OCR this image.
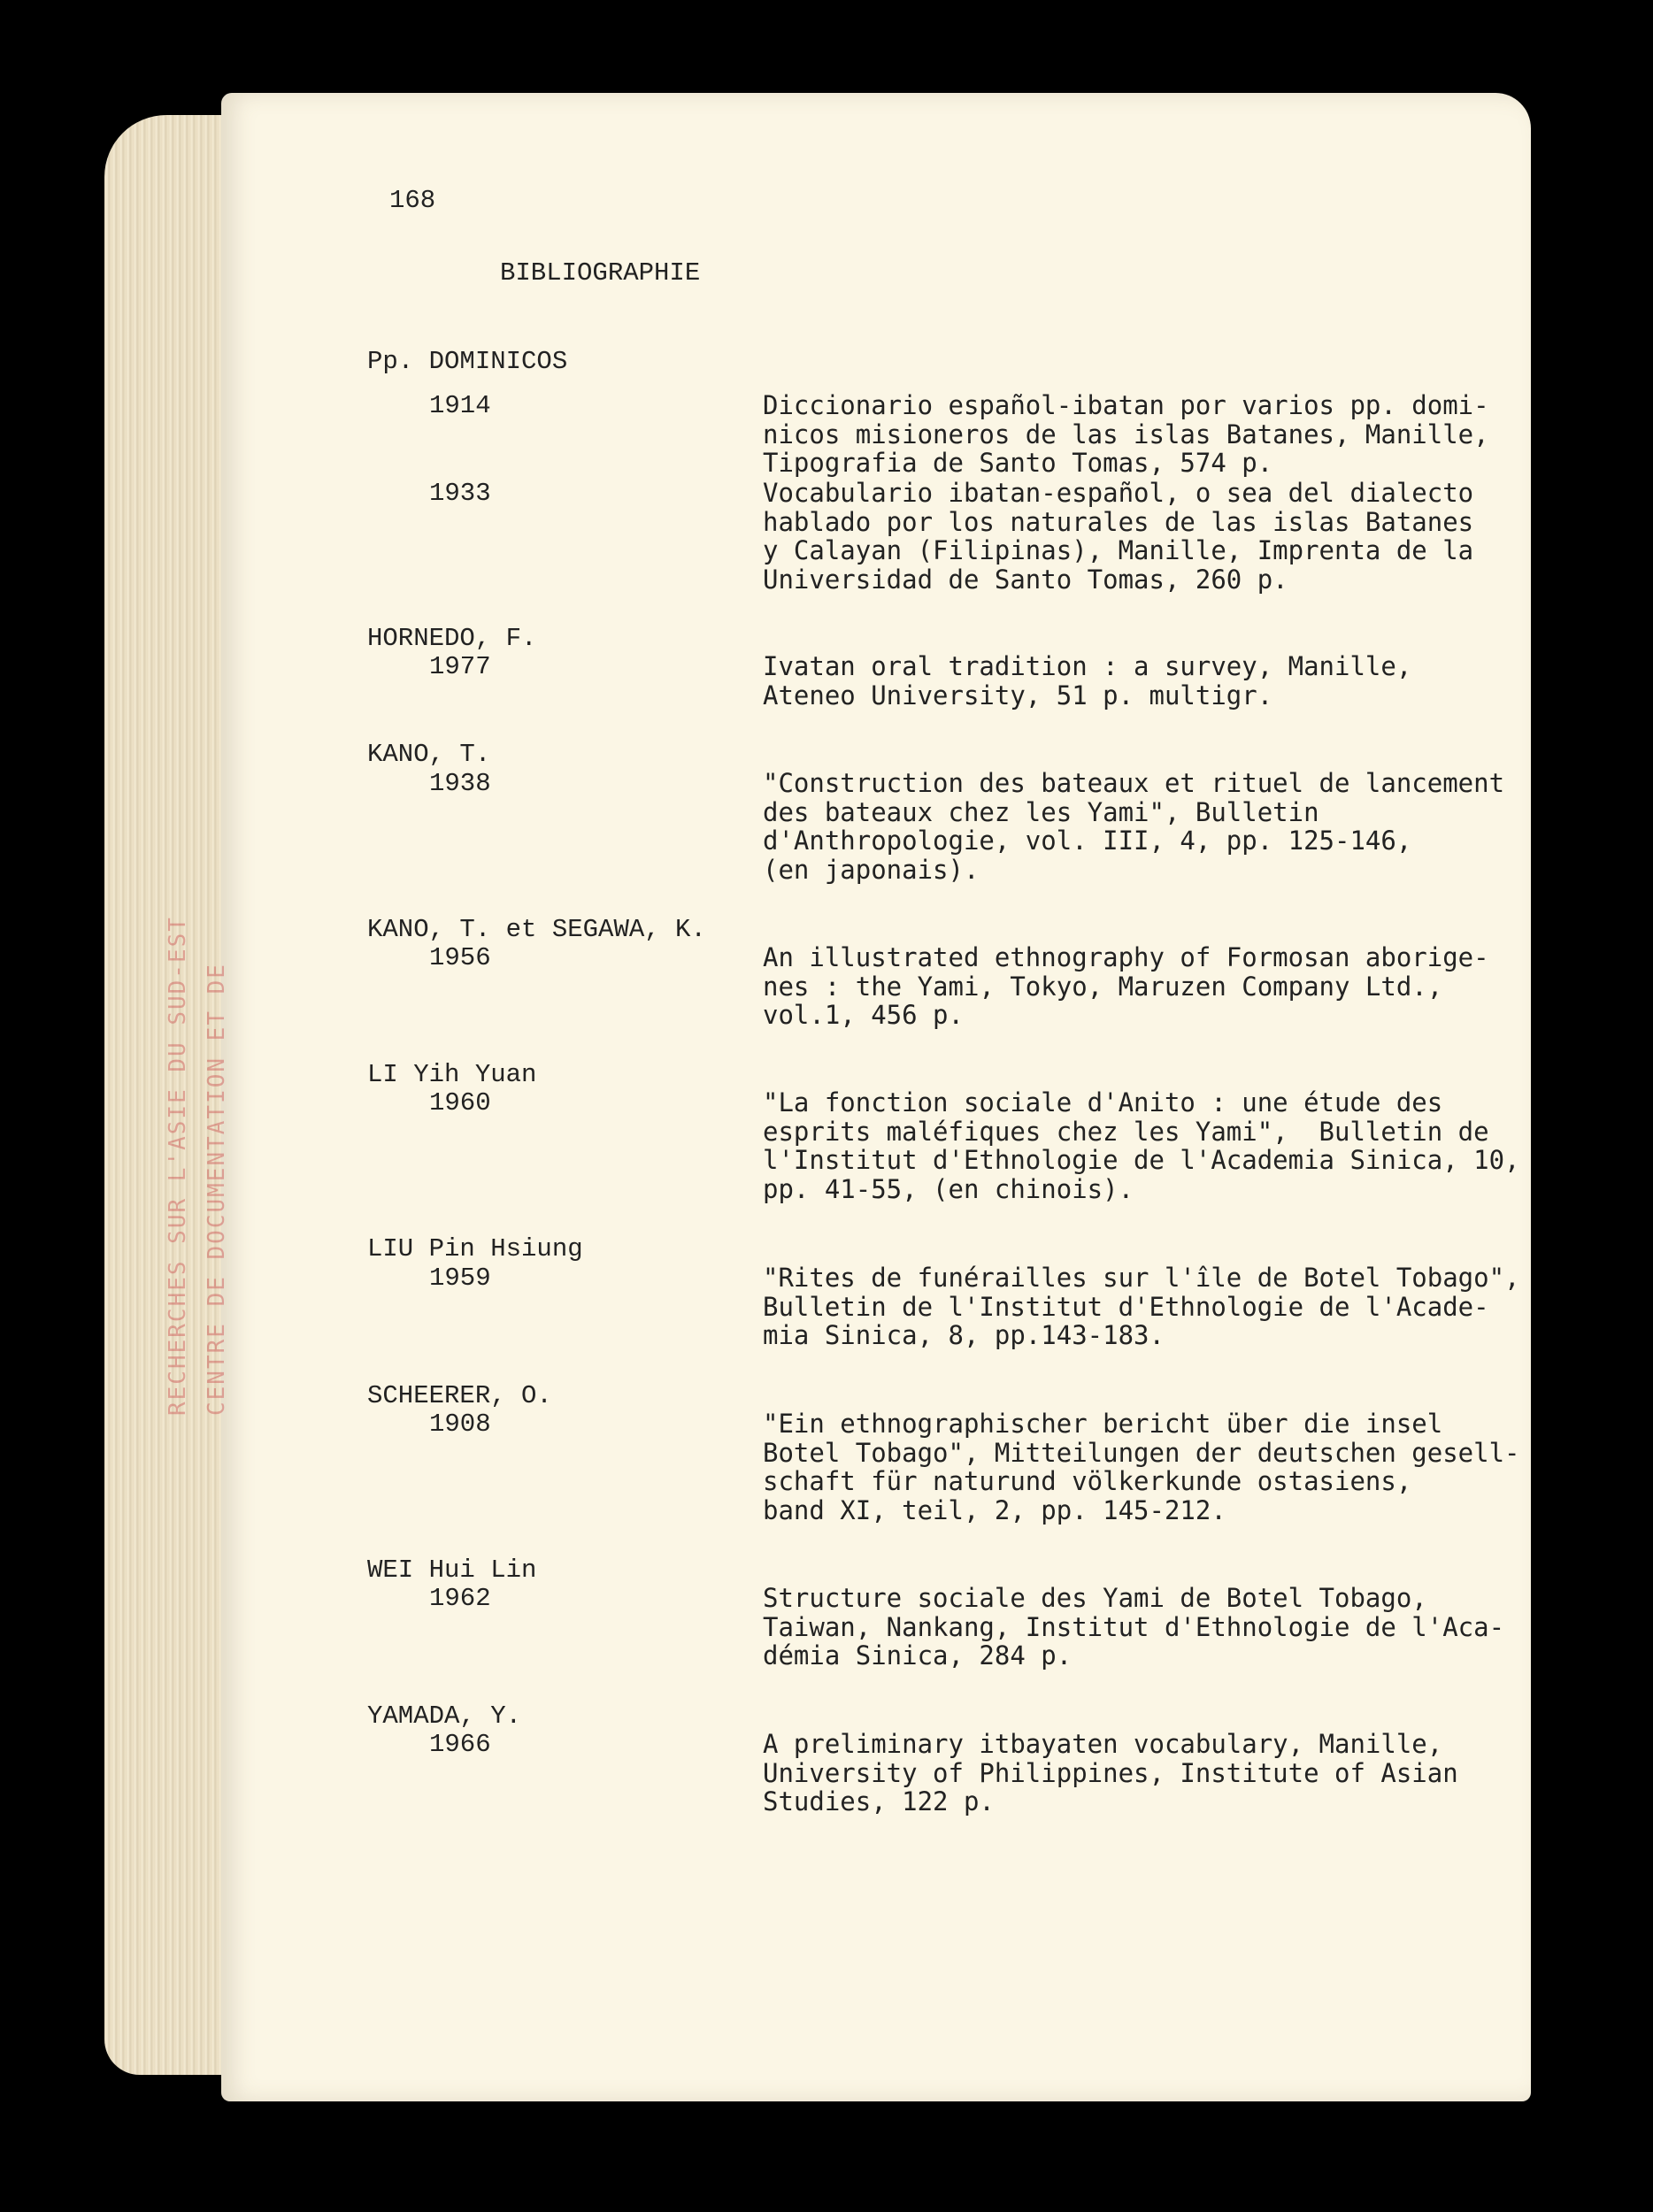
CENTRE DE DOCUMENTATION ET DE
RECHERCHES SUR L'ASIE DU SUD-EST
168
BIBLIOGRAPHIE
Pp. DOMINICOS
1914	Diccionario español-ibatan por varios pp. domi-
nicos misioneros de las islas Batanes, Manille,
Tipografia de Santo Tomas, 574 p.
1933	Vocabulario ibatan-español, o sea del dialecto
hablado por los naturales de las islas Batanes
y Calayan (Filipinas), Manille, Imprenta de la
Universidad de Santo Tomas, 260 p.
HORNEDO, F.
1977	Ivatan oral tradition : a survey, Manille,
Ateneo University, 51 p. multigr.
KANO, T.
1938	"Construction des bateaux et rituel de lancement
des bateaux chez les Yami", Bulletin
d'Anthropologie, vol. III, 4, pp. 125-146,
(en japonais).
KANO, T. et SEGAWA, K.
1956	An illustrated ethnography of Formosan aborige-
nes : the Yami, Tokyo, Maruzen Company Ltd.,
vol.1, 456 p.
LI Yih Yuan
1960	"La fonction sociale d'Anito : une étude des
esprits maléfiques chez les Yami",  Bulletin
l'Institut d'Ethnologie de l'Academia Sinica,
pp. 41-55, (en chinois).
LIU Pin Hsiung
1959	"Rites de funérailles sur l'île de Botel Tobago",
Bulletin de l'Institut d'Ethnologie de l'Acade-
mia Sinica, 8, pp.143-183.
SCHEERER, O.
1908	"Ein ethnographischer bericht über die insel
Botel Tobago", Mitteilungen der deutschen gesell-
schaft für naturund völkerkunde ostasiens,
band XI, teil, 2, pp. 145-212.
WEI Hui Lin
1962	Structure sociale des Yami de Botel Tobago,
Taiwan, Nankang, Institut d'Ethnologie de l'Aca-
démia Sinica, 284 p.
YAMADA, Y.
1966	A preliminary itbayaten vocabulary, Manille,
University of Philippines, Institute of Asian
Studies, 122 p.
